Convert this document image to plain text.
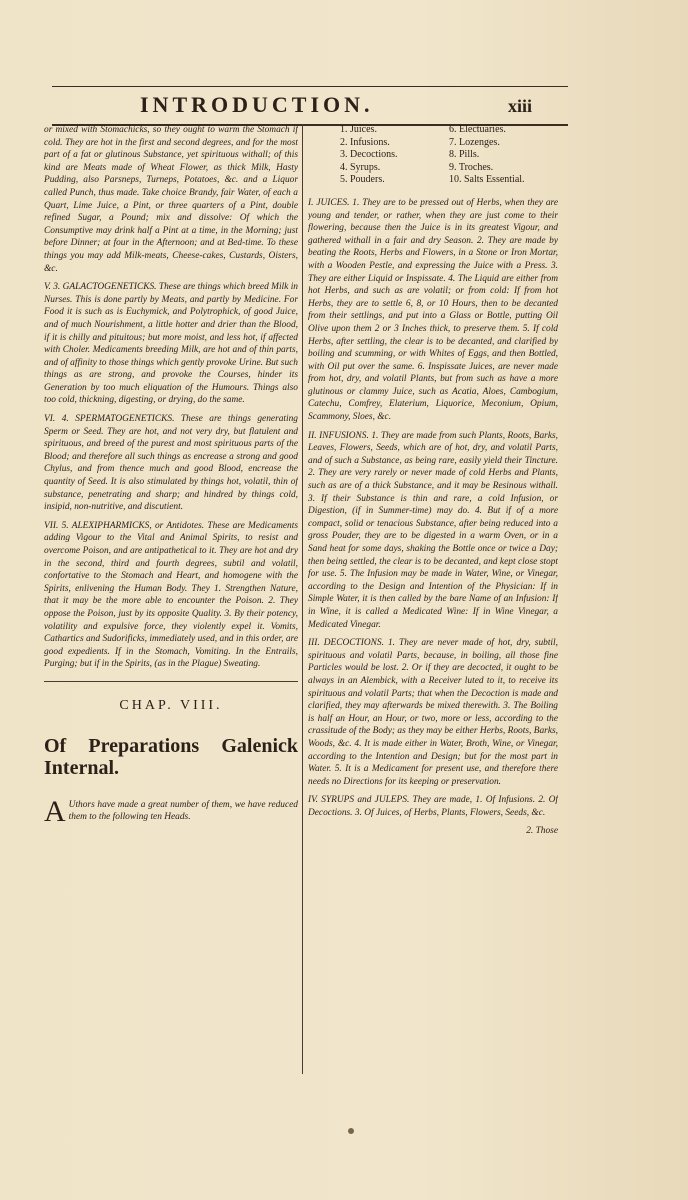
INTRODUCTION.	xiii

or mixed with Stomachicks, so they ought to warm the Stomach if cold. They are hot in the first and second degrees, and for the most part of a fat or glutinous Substance, yet spirituous withall; of this kind are Meats made of Wheat Flower, as thick Milk, Hasty Pudding, also Parsneps, Turneps, Potatoes, &c. and a Liquor called Punch, thus made. Take choice Brandy, fair Water, of each a Quart, Lime Juice, a Pint, or three quarters of a Pint, double refined Sugar, a Pound; mix and dissolve: Of which the Consumptive may drink half a Pint at a time, in the Morning; just before Dinner; at four in the Afternoon; and at Bed-time. To these things you may add Milk-meats, Cheese-cakes, Custards, Oisters, &c.

V. 3. GALACTOGENETICKS. These are things which breed Milk in Nurses. This is done partly by Meats, and partly by Medicine. For Food it is such as is Euchymick, and Polytrophick, of good Juice, and of much Nourishment, a little hotter and drier than the Blood, if it is chilly and pituitous; but more moist, and less hot, if affected with Choler. Medicaments breeding Milk, are hot and of thin parts, and of affinity to those things which gently provoke Urine. But such things as are strong, and provoke the Courses, hinder its Generation by too much eliquation of the Humours. Things also too cold, thickning, digesting, or drying, do the same.

VI. 4. SPERMATOGENETICKS. These are things generating Sperm or Seed. They are hot, and not very dry, but flatulent and spirituous, and breed of the purest and most spirituous parts of the Blood; and therefore all such things as encrease a strong and good Chylus, and from thence much and good Blood, encrease the quantity of Seed. It is also stimulated by things hot, volatil, thin of substance, penetrating and sharp; and hindred by things cold, insipid, non-nutritive, and discutient.

VII. 5. ALEXIPHARMICKS, or Antidotes. These are Medicaments adding Vigour to the Vital and Animal Spirits, to resist and overcome Poison, and are antipathetical to it. They are hot and dry in the second, third and fourth degrees, subtil and volatil, confortative to the Stomach and Heart, and homogene with the Spirits, enlivening the Human Body. They 1. Strengthen Nature, that it may be the more able to encounter the Poison. 2. They oppose the Poison, just by its opposite Quality. 3. By their potency, volatility and expulsive force, they violently expel it. Vomits, Cathartics and Sudorificks, immediately used, and in this order, are good expedients. If in the Stomach, Vomiting. In the Entrails, Purging; but if in the Spirits, (as in the Plague) Sweating.

CHAP. VIII.
Of Preparations Galenick Internal.

A Uthors have made a great number of them, we have reduced them to the following ten Heads.

1. Juices.	6. Electuaries.
2. Infusions.	7. Lozenges.
3. Decoctions.	8. Pills.
4. Syrups.	9. Troches.
5. Pouders.	10. Salts Essential.

I. JUICES. 1. They are to be pressed out of Herbs, when they are young and tender, or rather, when they are just come to their flowering, because then the Juice is in its greatest Vigour, and gathered withall in a fair and dry Season. 2. They are made by beating the Roots, Herbs and Flowers, in a Stone or Iron Mortar, with a Wooden Pestle, and expressing the Juice with a Press. 3. They are either Liquid or Inspissate. 4. The Liquid are either from hot Herbs, and such as are volatil; or from cold: If from hot Herbs, they are to settle 6, 8, or 10 Hours, then to be decanted from their settlings, and put into a Glass or Bottle, putting Oil Olive upon them 2 or 3 Inches thick, to preserve them. 5. If cold Herbs, after settling, the clear is to be decanted, and clarified by boiling and scumming, or with Whites of Eggs, and then Bottled, with Oil put over the same. 6. Inspissate Juices, are never made from hot, dry, and volatil Plants, but from such as have a more glutinous or clammy Juice, such as Acatia, Aloes, Cambogium, Catechu, Comfrey, Elaterium, Liquorice, Meconium, Opium, Scammony, Sloes, &c.

II. INFUSIONS. 1. They are made from such Plants, Roots, Barks, Leaves, Flowers, Seeds, which are of hot, dry, and volatil Parts, and of such a Substance, as being rare, easily yield their Tincture. 2. They are very rarely or never made of cold Herbs and Plants, such as are of a thick Substance, and it may be Resinous withall. 3. If their Substance is thin and rare, a cold Infusion, or Digestion, (if in Summer-time) may do. 4. But if of a more compact, solid or tenacious Substance, after being reduced into a gross Pouder, they are to be digested in a warm Oven, or in a Sand heat for some days, shaking the Bottle once or twice a Day; then being settled, the clear is to be decanted, and kept close stopt for use. 5. The Infusion may be made in Water, Wine, or Vinegar, according to the Design and Intention of the Physician: If in Simple Water, it is then called by the bare Name of an Infusion: If in Wine, it is called a Medicated Wine: If in Wine Vinegar, a Medicated Vinegar.

III. DECOCTIONS. 1. They are never made of hot, dry, subtil, spirituous and volatil Parts, because, in boiling, all those fine Particles would be lost. 2. Or if they are decocted, it ought to be always in an Alembick, with a Receiver luted to it, to receive its spirituous and volatil Parts; that when the Decoction is made and clarified, they may afterwards be mixed therewith. 3. The Boiling is half an Hour, an Hour, or two, more or less, according to the crassitude of the Body; as they may be either Herbs, Roots, Barks, Woods, &c. 4. It is made either in Water, Broth, Wine, or Vinegar, according to the Intention and Design; but for the most part in Water. 5. It is a Medicament for present use, and therefore there needs no Directions for its keeping or preservation.

IV. SYRUPS and JULEPS. They are made, 1. Of Infusions. 2. Of Decoctions. 3. Of Juices, of Herbs, Plants, Flowers, Seeds, &c.

2. Those
